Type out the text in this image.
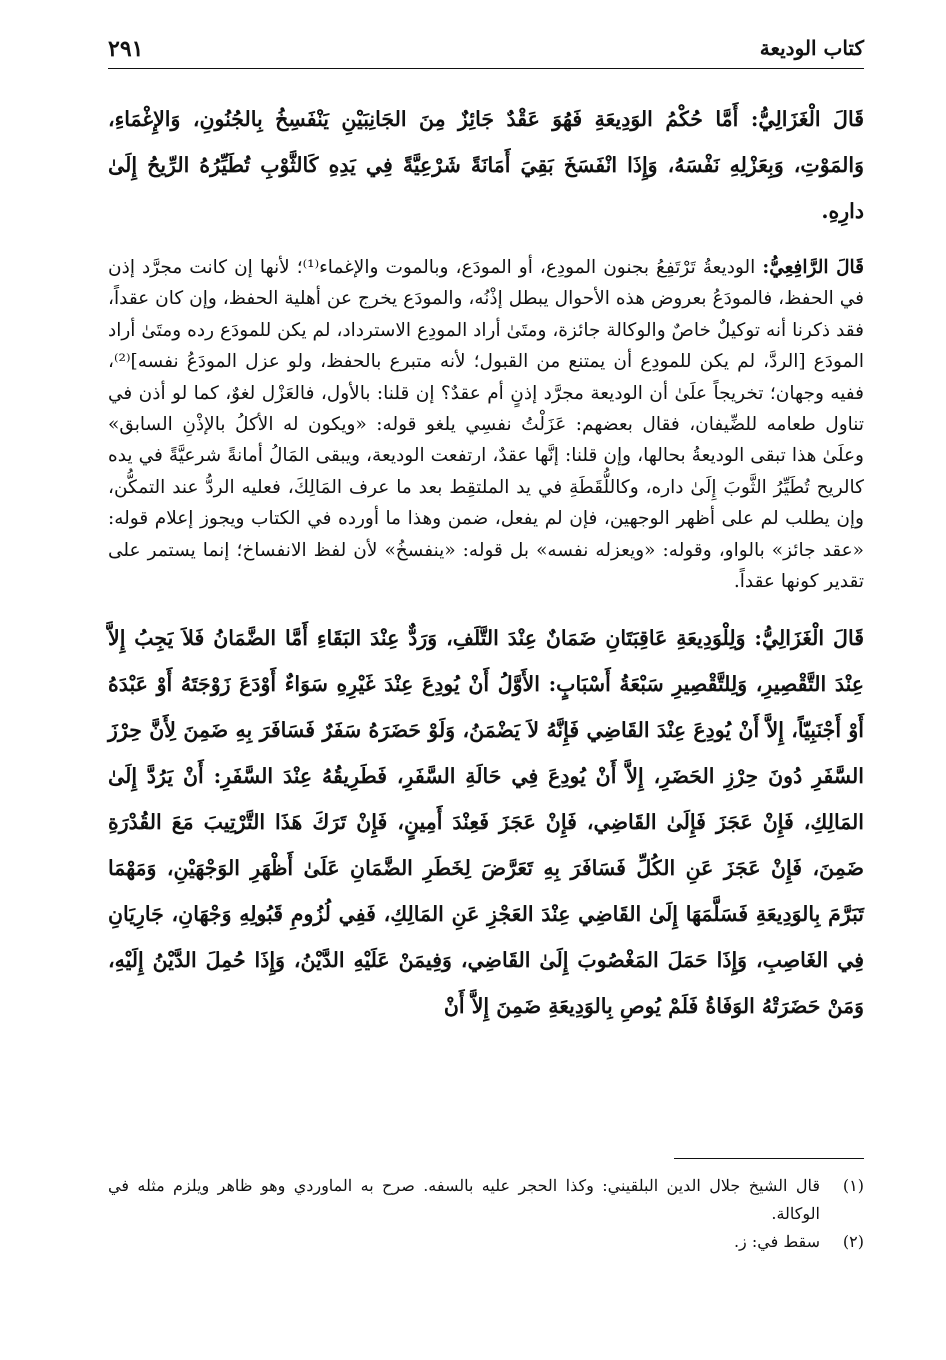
كتاب الوديعة
٢٩١

قَالَ الْغَزَالِيُّ: أَمَّا حُكْمُ الوَدِيعَةِ فَهُوَ عَقْدٌ جَائِزٌ مِنَ الجَانِبَيْنِ يَنْفَسِخُ بِالجُنُونِ، وَالإِغْمَاءِ، وَالمَوْتِ، وَبِعَزْلِهِ نَفْسَهُ، وَإِذَا انْفَسَخَ بَقِيَ أَمَانَةً شَرْعِيَّةً فِي يَدِهِ كَالثَّوْبِ تُطَيِّرُهُ الرِّيحُ إِلَىٰ دارِهِ.

قَالَ الرَّافِعِيُّ: الوديعةُ تَرْتَفِعُ بجنون المودِع، أو المودَع، وبالموت والإغماء⁽¹⁾؛ لأنها إن كانت مجرَّد إذن في الحفظ، فالمودَعُ بعروض هذه الأحوال يبطل إذْنُه، والمودَع يخرج عن أهلية الحفظ، وإن كان عقداً، فقد ذكرنا أنه توكيلٌ خاصٌ والوكالة جائزة، ومتَىٰ أراد المودِع الاسترداد، لم يكن للمودَع رده ومتَىٰ أراد المودَع [الردَّ، لم يكن للمودِع أن يمتنع من القبول؛ لأنه متبرع بالحفظ، ولو عزل المودَعُ نفسه]⁽²⁾، ففيه وجهان؛ تخريجاً علَىٰ أن الوديعة مجرَّد إذنٍ أم عقدٌ؟ إن قلنا: بالأول، فالعَزْل لغوٌ، كما لو أذن في تناول طعامه للضِّيفان، فقال بعضهم: عَزَلْتُ نفسِي يلغو قوله: «ويكون له الأكلُ بالإذْنِ السابق» وعلَىٰ هذا تبقى الوديعةُ بحالها، وإن قلنا: إنَّها عقدٌ، ارتفعت الوديعة، ويبقى المَالُ أمانةً شرعيَّةً في يده كالريح تُطَيِّرُ الثَّوبَ إِلَىٰ داره، وكاللُّقَطَةِ في يد الملتقِط بعد ما عرف المَالِكَ، فعليه الردُّ عند التمكُّن، وإن يطلب لم على أظهر الوجهين، فإن لم يفعل، ضمن وهذا ما أورده في الكتاب ويجوز إعلام قوله: «عقد جائز» بالواو، وقوله: «ويعزله نفسه» بل قوله: «ينفسخُ» لأن لفظ الانفساخ؛ إنما يستمر على تقدير كونها عقداً.

قَالَ الْغَزَالِيُّ: وَلِلْوَدِيعَةِ عَاقِبَتَانِ ضَمَانٌ عِنْدَ التَّلَفِ، وَرَدٌّ عِنْدَ البَقَاءِ أَمَّا الضَّمَانُ فَلاَ يَجِبُ إِلاَّ عِنْدَ التَّقْصِيرِ، وَلِلتَّقْصِيرِ سَبْعَةُ أَسْبَابٍ: الأَوَّلُ أَنْ يُودِعَ عِنْدَ غَيْرِهِ سَوَاءٌ أَوْدَعَ زَوْجَتَهُ أَوْ عَبْدَهُ أَوْ أَجْنَبِيّاً، إِلاَّ أَنْ يُودِعَ عِنْدَ القَاضِي فَإِنَّهُ لاَ يَضْمَنُ، وَلَوْ حَضَرَهُ سَفَرٌ فَسَافَرَ بِهِ ضَمِنَ لِأَنَّ حِرْزَ السَّفَرِ دُونَ حِرْزِ الحَضَرِ، إِلاَّ أَنْ يُودِعَ فِي حَالَةِ السَّفَرِ، فَطَرِيقُهُ عِنْدَ السَّفَرِ: أَنْ يَرُدَّ إِلَىٰ المَالِكِ، فَإِنْ عَجَزَ فَإِلَىٰ القَاضِي، فَإِنْ عَجَزَ فَعِنْدَ أَمِينٍ، فَإِنْ تَرَكَ هَذَا التَّرْتِيبَ مَعَ القُدْرَةِ ضَمِنَ، فَإِنْ عَجَزَ عَنِ الكُلِّ فَسَافَرَ بِهِ تَعَرَّضَ لِخَطَرِ الضَّمَانِ عَلَىٰ أَظْهَرِ الوَجْهَيْنِ، وَمَهْمَا تَبَرَّمَ بِالوَدِيعَةِ فَسَلَّمَهَا إِلَىٰ القَاضِي عِنْدَ العَجْزِ عَنِ المَالِكِ، فَفِي لُزُومِ قَبُولِهِ وَجْهَانِ، جَارِيَانِ فِي الغَاصِبِ، وَإِذَا حَمَلَ المَغْصُوبَ إِلَىٰ القَاضِي، وَفِيمَنْ عَلَيْهِ الدَّيْنُ، وَإِذَا حُمِلَ الدَّيْنُ إِلَيْهِ، وَمَنْ حَضَرَتْهُ الوَفَاةُ فَلَمْ يُوصِ بِالوَدِيعَةِ ضَمِنَ إِلاَّ أَنْ

(١)
قال الشيخ جلال الدين البلقيني: وكذا الحجر عليه بالسفه. صرح به الماوردي وهو ظاهر ويلزم مثله في الوكالة.
(٢)
سقط في: ز.
